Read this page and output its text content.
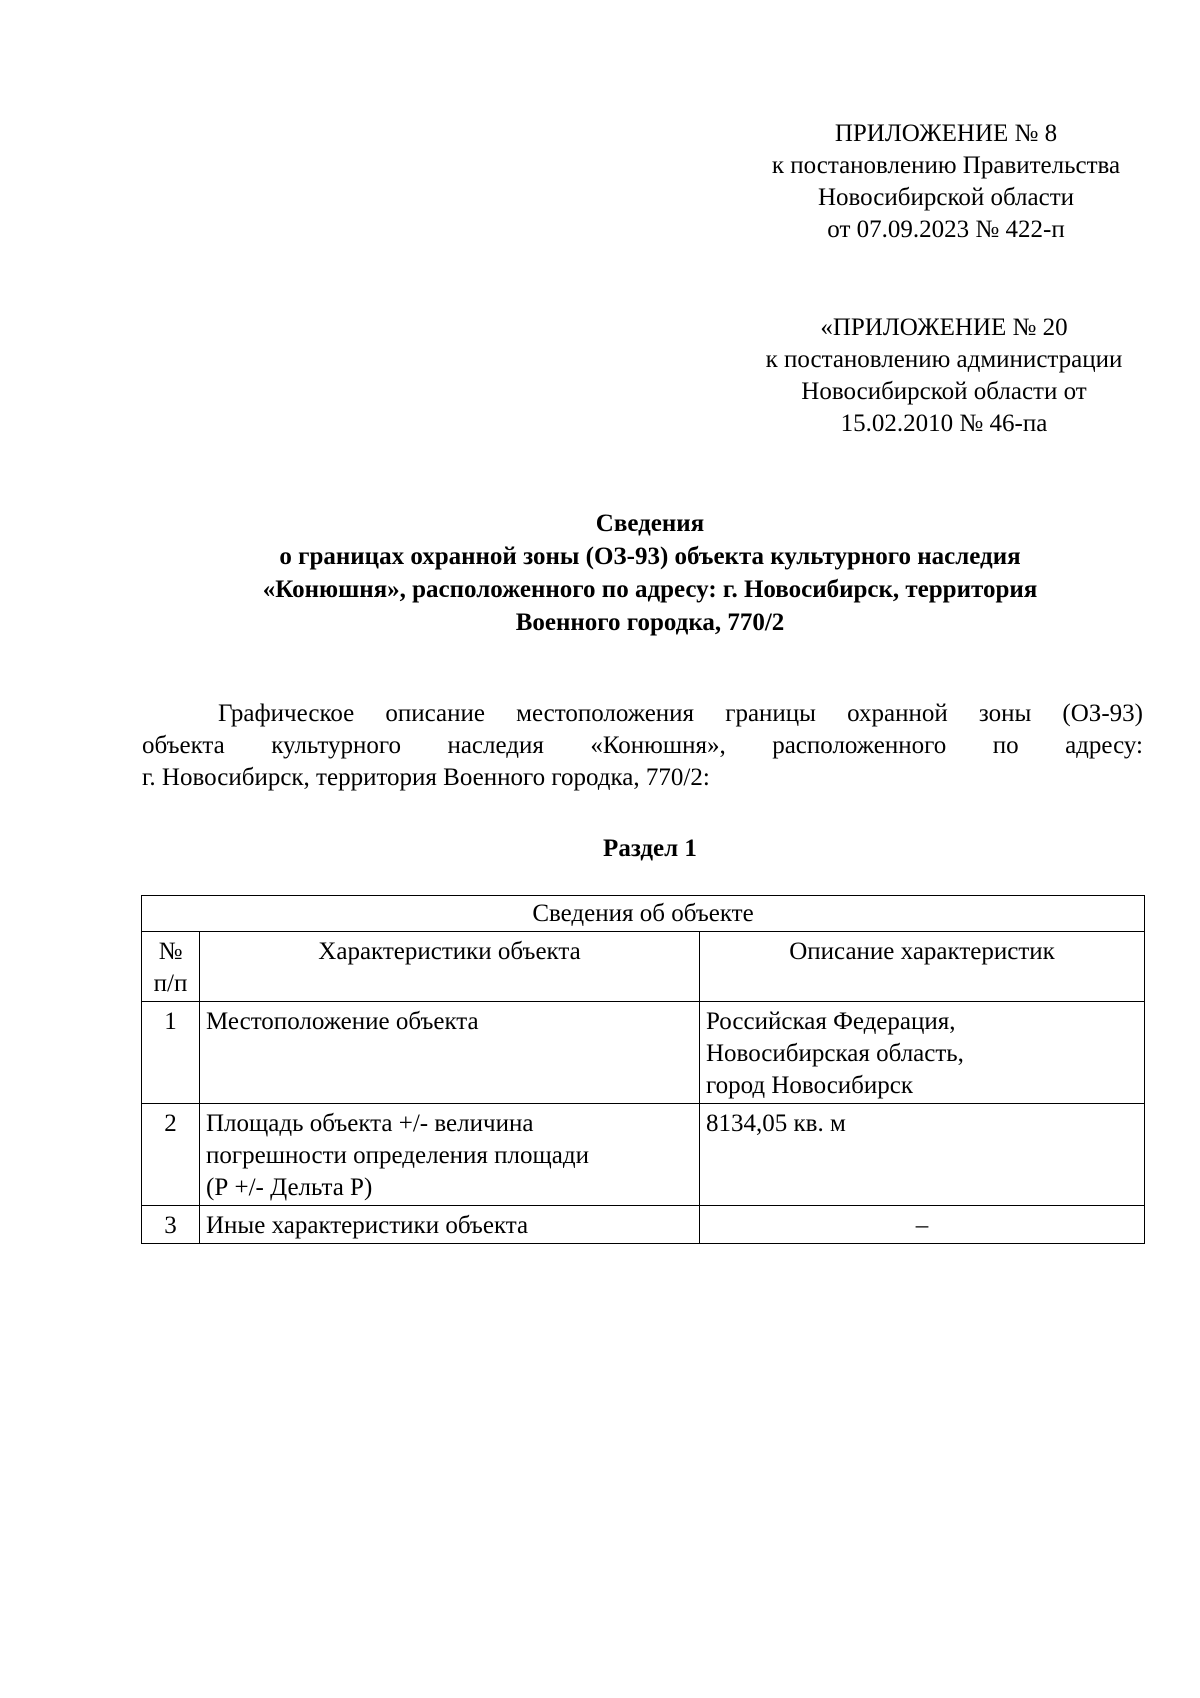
ПРИЛОЖЕНИЕ № 8
к постановлению Правительства
Новосибирской области
от 07.09.2023 № 422-п
«ПРИЛОЖЕНИЕ № 20
к постановлению администрации
Новосибирской области от
15.02.2010 № 46-па
Сведения
о границах охранной зоны (ОЗ-93) объекта культурного наследия
«Конюшня», расположенного по адресу: г. Новосибирск, территория
Военного городка, 770/2
Графическое описание местоположения границы охранной зоны (ОЗ-93)
объекта культурного наследия «Конюшня», расположенного по адресу:
г. Новосибирск, территория Военного городка, 770/2:
Раздел 1
Сведения об объекте		

№
п/п	Характеристики объекта	Описание характеристик
1	Местоположение объекта	Российская Федерация,
Новосибирская область,
город Новосибирск

2	Площадь объекта +/- величина
погрешности определения площади
(Р +/- Дельта Р)	8134,05 кв. м

3	Иные характеристики объекта	–
